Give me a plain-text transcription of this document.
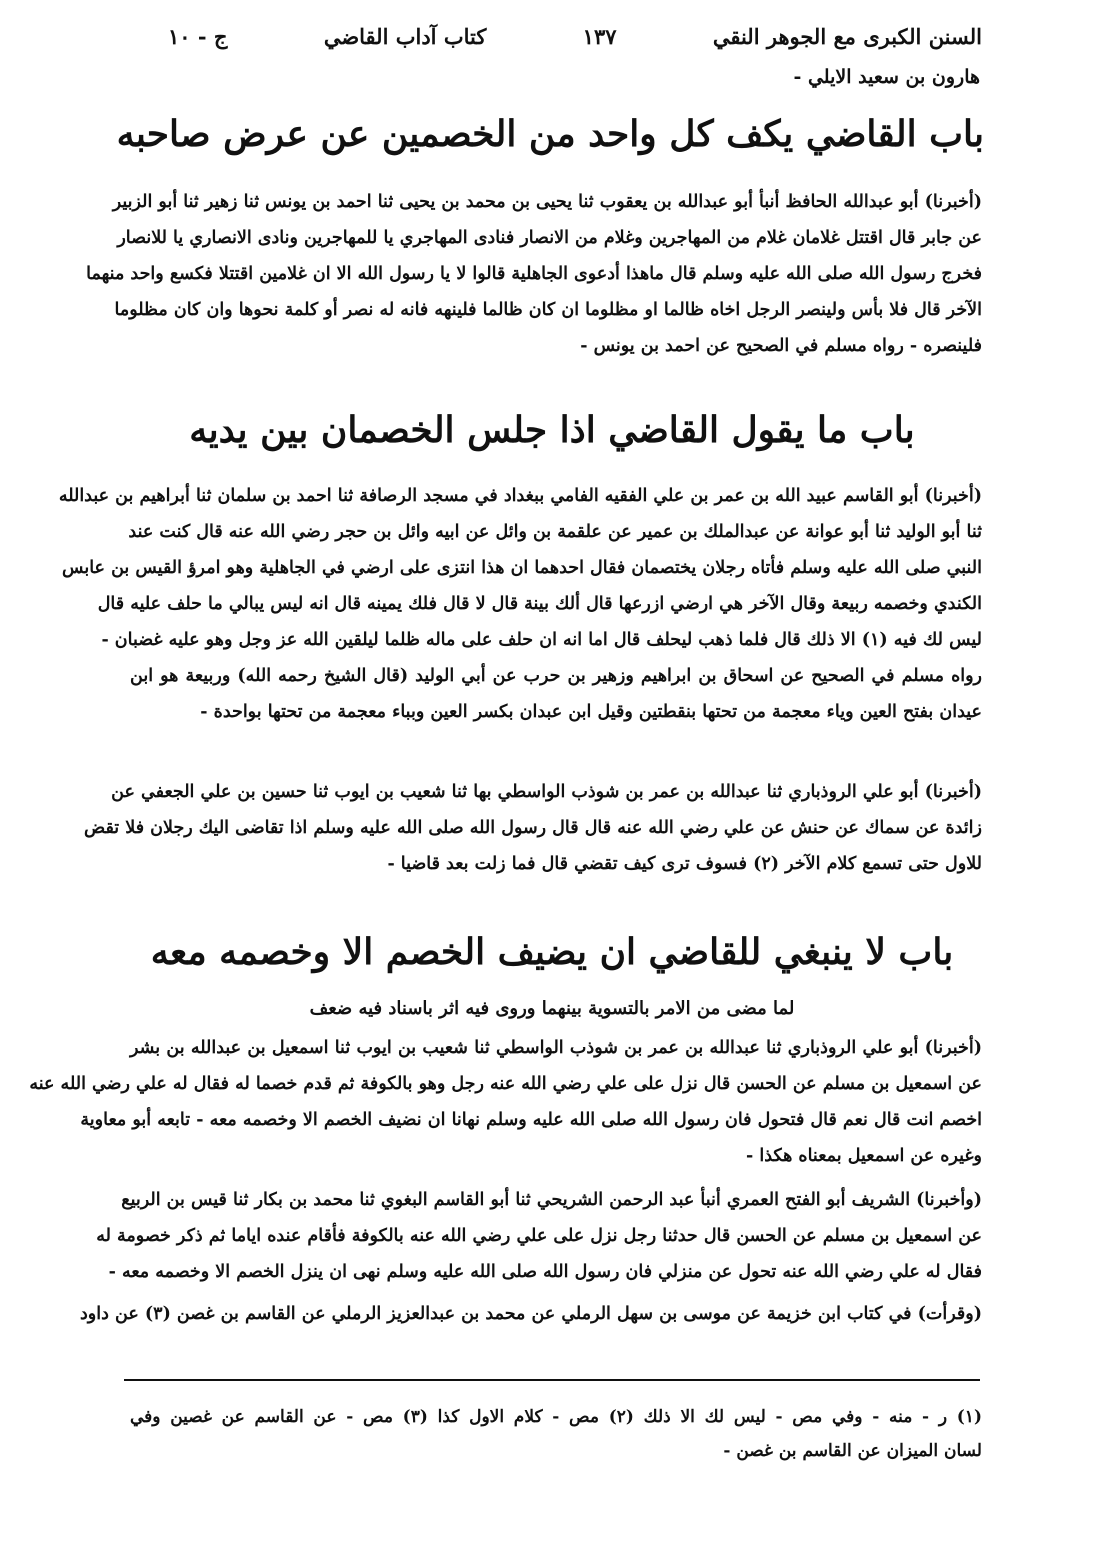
السنن الكبرى مع الجوهر النقي
١٣٧
كتاب آداب القاضي
ج - ١٠
هارون بن سعيد الايلي -
باب القاضي يكف كل واحد من الخصمين عن عرض صاحبه
(أخبرنا) أبو عبدالله الحافظ أنبأ أبو عبدالله بن يعقوب ثنا يحيى بن محمد بن يحيى ثنا احمد بن يونس ثنا زهير ثنا أبو الزبير
عن جابر قال اقتتل غلامان غلام من المهاجرين وغلام من الانصار فنادى المهاجري يا للمهاجرين ونادى الانصاري يا للانصار
فخرج رسول الله صلى الله عليه وسلم قال ماهذا أدعوى الجاهلية قالوا لا يا رسول الله الا ان غلامين اقتتلا فكسع واحد منهما
الآخر قال فلا بأس ولينصر الرجل اخاه ظالما او مظلوما ان كان ظالما فلينهه فانه له نصر أو كلمة نحوها وان كان مظلوما
فلينصره - رواه مسلم في الصحيح عن احمد بن يونس -
باب ما يقول القاضي اذا جلس الخصمان بين يديه
(أخبرنا) أبو القاسم عبيد الله بن عمر بن علي الفقيه الفامي ببغداد في مسجد الرصافة ثنا احمد بن سلمان ثنا أبراهيم بن عبدالله
ثنا أبو الوليد ثنا أبو عوانة عن عبدالملك بن عمير عن علقمة بن وائل عن ابيه وائل بن حجر رضي الله عنه قال كنت عند
النبي صلى الله عليه وسلم فأتاه رجلان يختصمان فقال احدهما ان هذا انتزى على ارضي في الجاهلية وهو امرؤ القيس بن عابس
الكندي وخصمه ربيعة وقال الآخر هي ارضي ازرعها قال ألك بينة قال لا قال فلك يمينه قال انه ليس يبالي ما حلف عليه قال
ليس لك فيه (١) الا ذلك قال فلما ذهب ليحلف قال اما انه ان حلف على ماله ظلما ليلقين الله عز وجل وهو عليه غضبان -
رواه مسلم في الصحيح عن اسحاق بن ابراهيم وزهير بن حرب عن أبي الوليد (قال الشيخ رحمه الله) وربيعة هو ابن
عيدان بفتح العين وياء معجمة من تحتها بنقطتين وقيل ابن عبدان بكسر العين وبباء معجمة من تحتها بواحدة -
(أخبرنا) أبو علي الروذباري ثنا عبدالله بن عمر بن شوذب الواسطي بها ثنا شعيب بن ايوب ثنا حسين بن علي الجعفي عن
زائدة عن سماك عن حنش عن علي رضي الله عنه قال قال رسول الله صلى الله عليه وسلم اذا تقاضى اليك رجلان فلا تقض
للاول حتى تسمع كلام الآخر (٢) فسوف ترى كيف تقضي قال فما زلت بعد قاضيا -
باب لا ينبغي للقاضي ان يضيف الخصم الا وخصمه معه
لما مضى من الامر بالتسوية بينهما وروى فيه اثر باسناد فيه ضعف
(أخبرنا) أبو علي الروذباري ثنا عبدالله بن عمر بن شوذب الواسطي ثنا شعيب بن ايوب ثنا اسمعيل بن عبدالله بن بشر
عن اسمعيل بن مسلم عن الحسن قال نزل على علي رضي الله عنه رجل وهو بالكوفة ثم قدم خصما له فقال له علي رضي الله عنه
اخصم انت قال نعم قال فتحول فان رسول الله صلى الله عليه وسلم نهانا ان نضيف الخصم الا وخصمه معه - تابعه أبو معاوية
وغيره عن اسمعيل بمعناه هكذا -
(وأخبرنا) الشريف أبو الفتح العمري أنبأ عبد الرحمن الشريحي ثنا أبو القاسم البغوي ثنا محمد بن بكار ثنا قيس بن الربيع
عن اسمعيل بن مسلم عن الحسن قال حدثنا رجل نزل على علي رضي الله عنه بالكوفة فأقام عنده اياما ثم ذكر خصومة له
فقال له علي رضي الله عنه تحول عن منزلي فان رسول الله صلى الله عليه وسلم نهى ان ينزل الخصم الا وخصمه معه -
(وقرأت) في كتاب ابن خزيمة عن موسى بن سهل الرملي عن محمد بن عبدالعزيز الرملي عن القاسم بن غصن (٣) عن داود
(١) ر - منه - وفي مص - ليس لك الا ذلك (٢) مص - كلام الاول كذا (٣) مص - عن القاسم عن غصين وفي
لسان الميزان عن القاسم بن غصن -
